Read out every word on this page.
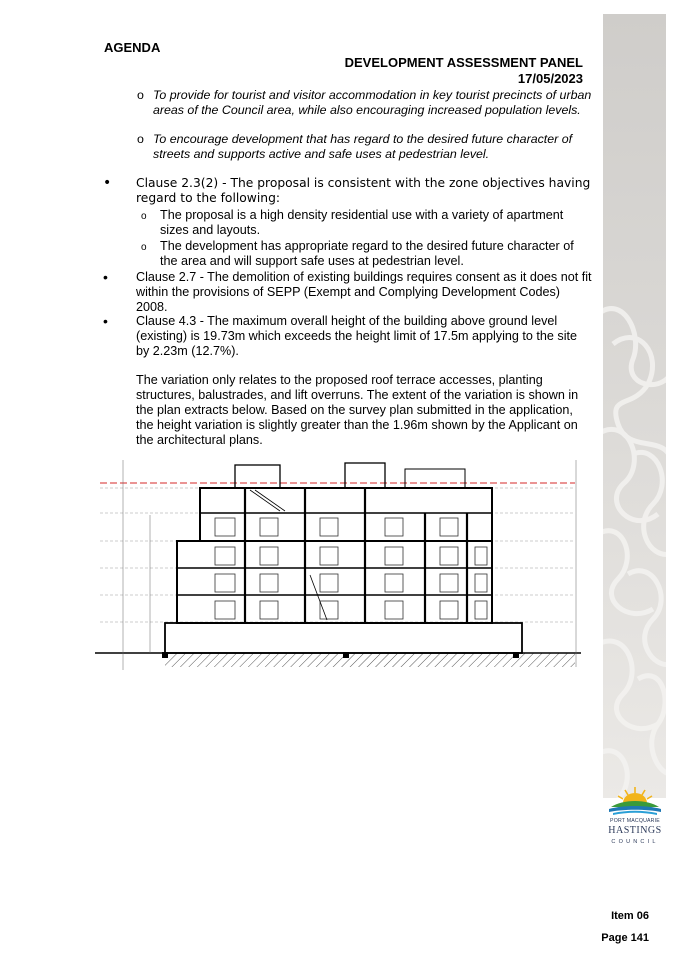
PORT MACQUARIE
HASTINGS
COUNCIL
AGENDA
DEVELOPMENT ASSESSMENT PANEL
17/05/2023
o To provide for tourist and visitor accommodation in key tourist precincts of urban areas of the Council area, while also encouraging increased population levels.
o To encourage development that has regard to the desired future character of streets and supports active and safe uses at pedestrian level.
• Clause 2.3(2) - The proposal is consistent with the zone objectives having regard to the following:
o The proposal is a high density residential use with a variety of apartment sizes and layouts.
o The development has appropriate regard to the desired future character of the area and will support safe uses at pedestrian level.
• Clause 2.7 - The demolition of existing buildings requires consent as it does not fit within the provisions of SEPP (Exempt and Complying Development Codes) 2008.
• Clause 4.3 - The maximum overall height of the building above ground level (existing) is 19.73m which exceeds the height limit of 17.5m applying to the site by 2.23m (12.7%).
The variation only relates to the proposed roof terrace accesses, planting structures, balustrades, and lift overruns. The extent of the variation is shown in the plan extracts below. Based on the survey plan submitted in the application, the height variation is slightly greater than the 1.96m shown by the Applicant on the architectural plans.
Item 06
Page 141
